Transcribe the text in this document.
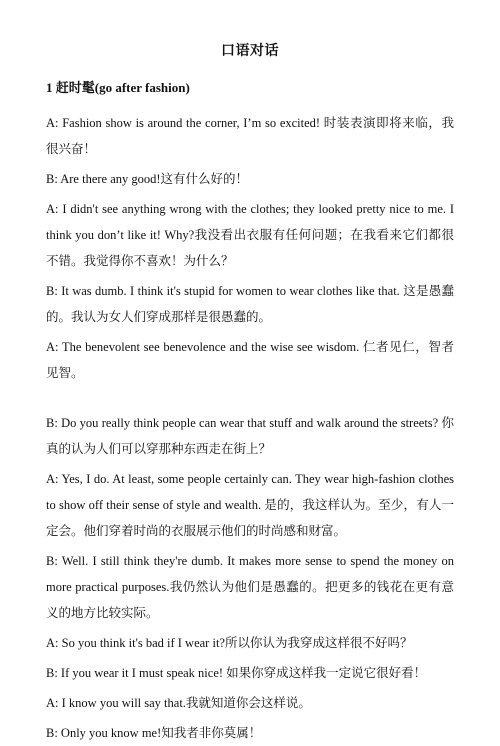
口语对话
1 赶时髦(go after fashion)

A: Fashion show is around the corner, I’m so excited! 时装表演即将来临，我很兴奋！

B: Are there any good!这有什么好的！

A: I didn't see anything wrong with the clothes; they looked pretty nice to me. I think you don’t like it! Why?我没看出衣服有任何问题；在我看来它们都很不错。我觉得你不喜欢！为什么？

B: It was dumb. I think it's stupid for women to wear clothes like that. 这是愚蠢的。我认为女人们穿成那样是很愚蠢的。

A: The benevolent see benevolence and the wise see wisdom. 仁者见仁，智者见智。

B: Do you really think people can wear that stuff and walk around the streets? 你真的认为人们可以穿那种东西走在街上？

A: Yes, I do. At least, some people certainly can. They wear high-fashion clothes to show off their sense of style and wealth. 是的，我这样认为。至少，有人一定会。他们穿着时尚的衣服展示他们的时尚感和财富。

B: Well. I still think they're dumb. It makes more sense to spend the money on more practical purposes.我仍然认为他们是愚蠢的。把更多的钱花在更有意义的地方比较实际。

A: So you think it's bad if I wear it?所以你认为我穿成这样很不好吗？

B: If you wear it I must speak nice! 如果你穿成这样我一定说它很好看！

A: I know you will say that.我就知道你会这样说。

B: Only you know me!知我者非你莫属！
